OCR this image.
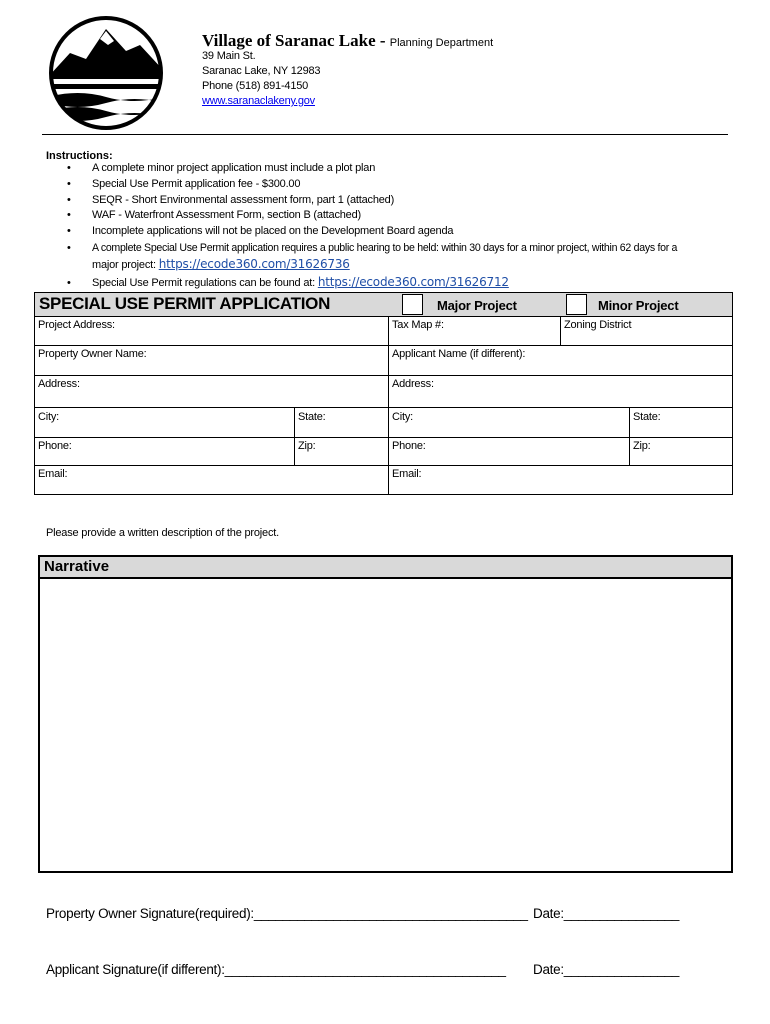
Village of Saranac Lake - Planning Department
39 Main St.
Saranac Lake, NY 12983
Phone (518) 891-4150
www.saranaclakeny.gov
Instructions:
• A complete minor project application must include a plot plan
• Special Use Permit application fee - $300.00
• SEQR - Short Environmental assessment form, part 1 (attached)
• WAF - Waterfront Assessment Form, section B (attached)
• Incomplete applications will not be placed on the Development Board agenda
• A complete Special Use Permit application requires a public hearing to be held: within 30 days for a minor project, within 62 days for a
major project: https://ecode360.com/31626736
• Special Use Permit regulations can be found at: https://ecode360.com/31626712
SPECIAL USE PERMIT APPLICATION	Major Project	Minor Project
Project Address:	Tax Map #:	Zoning District
Property Owner Name:	Applicant Name (if different):
Address:	Address:
City:	State:	City:	State:
Phone:	Zip:	Phone:	Zip:
Email:	Email:
Please provide a written description of the project.
Narrative
Property Owner Signature(required):______________________________________ Date:________________
Applicant Signature(if different):_______________________________________ Date:________________
